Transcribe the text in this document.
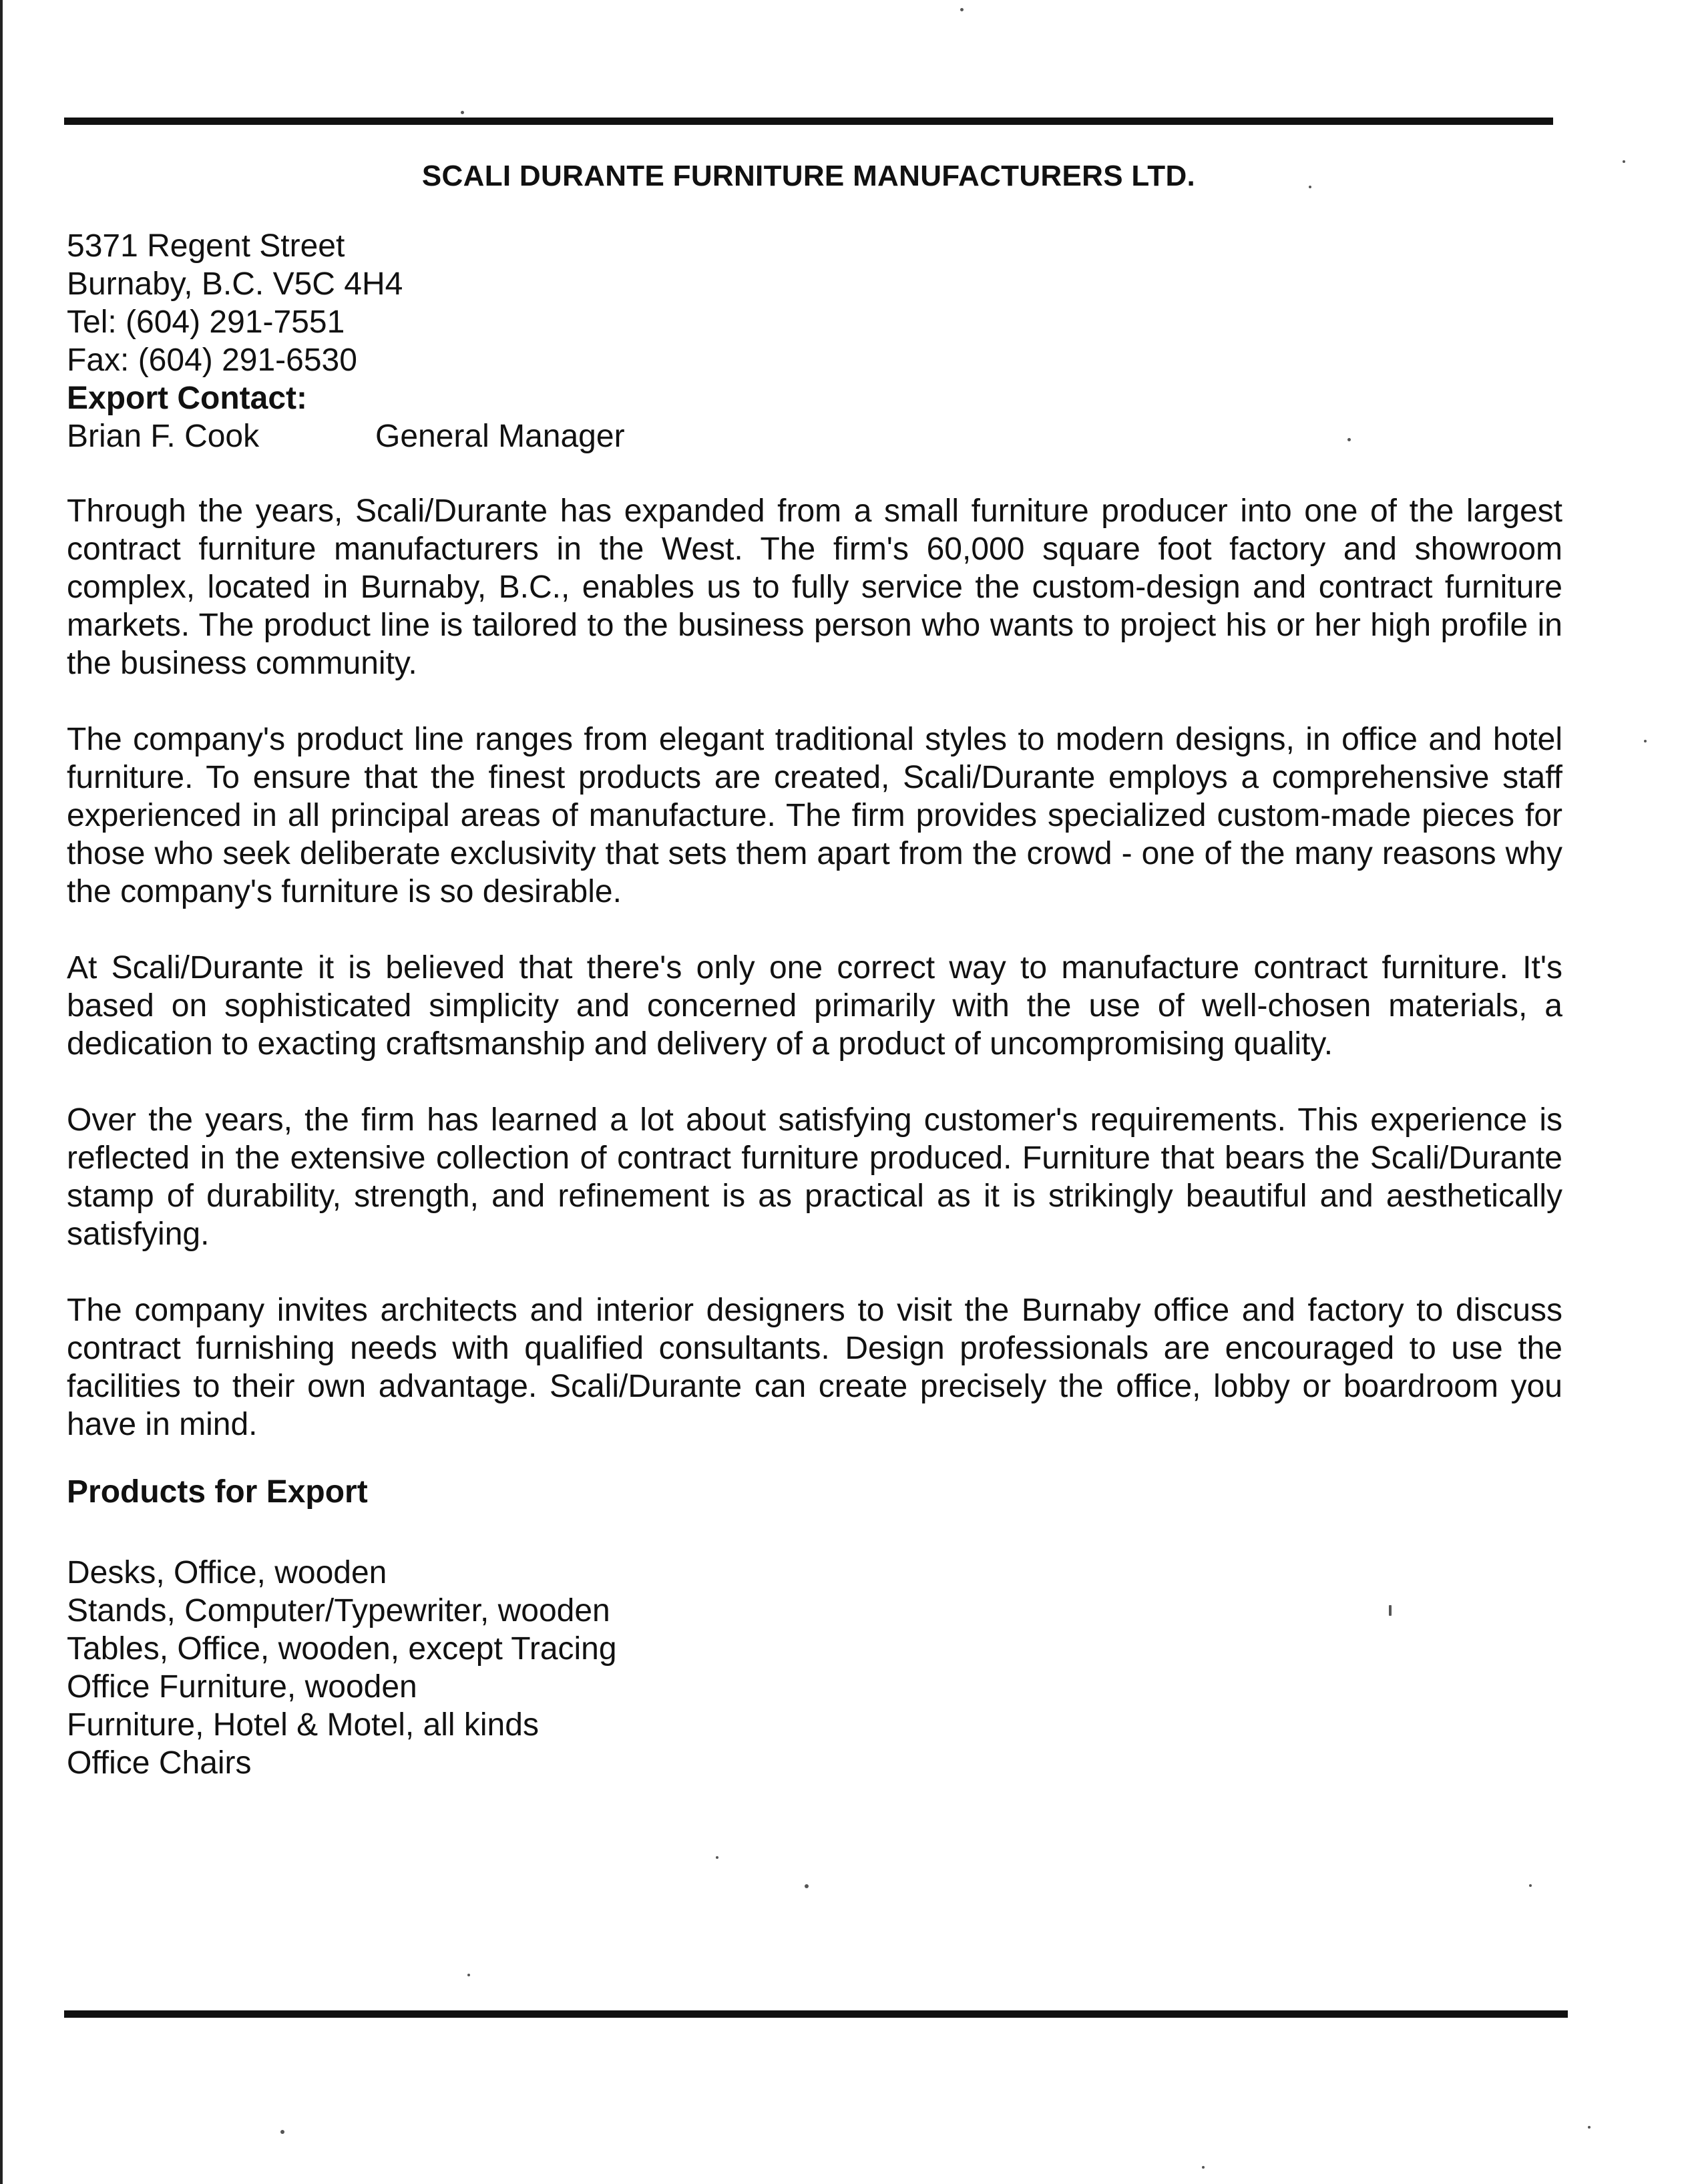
SCALI DURANTE FURNITURE MANUFACTURERS LTD.
5371 Regent Street
Burnaby, B.C. V5C 4H4
Tel: (604) 291-7551
Fax: (604) 291-6530
Export Contact:
Brian F. Cook	General Manager

Through the years, Scali/Durante has expanded from a small furniture producer into one of the largest contract furniture manufacturers in the West. The firm's 60,000 square foot factory and showroom complex, located in Burnaby, B.C., enables us to fully service the custom-design and contract furniture markets. The product line is tailored to the business person who wants to project his or her high profile in the business community.

The company's product line ranges from elegant traditional styles to modern designs, in office and hotel furniture. To ensure that the finest products are created, Scali/Durante employs a comprehensive staff experienced in all principal areas of manufacture. The firm provides specialized custom-made pieces for those who seek deliberate exclusivity that sets them apart from the crowd - one of the many reasons why the company's furniture is so desirable.

At Scali/Durante it is believed that there's only one correct way to manufacture contract furniture. It's based on sophisticated simplicity and concerned primarily with the use of well-chosen materials, a dedication to exacting craftsmanship and delivery of a product of uncompromising quality.

Over the years, the firm has learned a lot about satisfying customer's requirements. This experience is reflected in the extensive collection of contract furniture produced. Furniture that bears the Scali/Durante stamp of durability, strength, and refinement is as practical as it is strikingly beautiful and aesthetically satisfying.

The company invites architects and interior designers to visit the Burnaby office and factory to discuss contract furnishing needs with qualified consultants. Design professionals are encouraged to use the facilities to their own advantage. Scali/Durante can create precisely the office, lobby or boardroom you have in mind.

Products for Export
Desks, Office, wooden
Stands, Computer/Typewriter, wooden
Tables, Office, wooden, except Tracing
Office Furniture, wooden
Furniture, Hotel & Motel, all kinds
Office Chairs
